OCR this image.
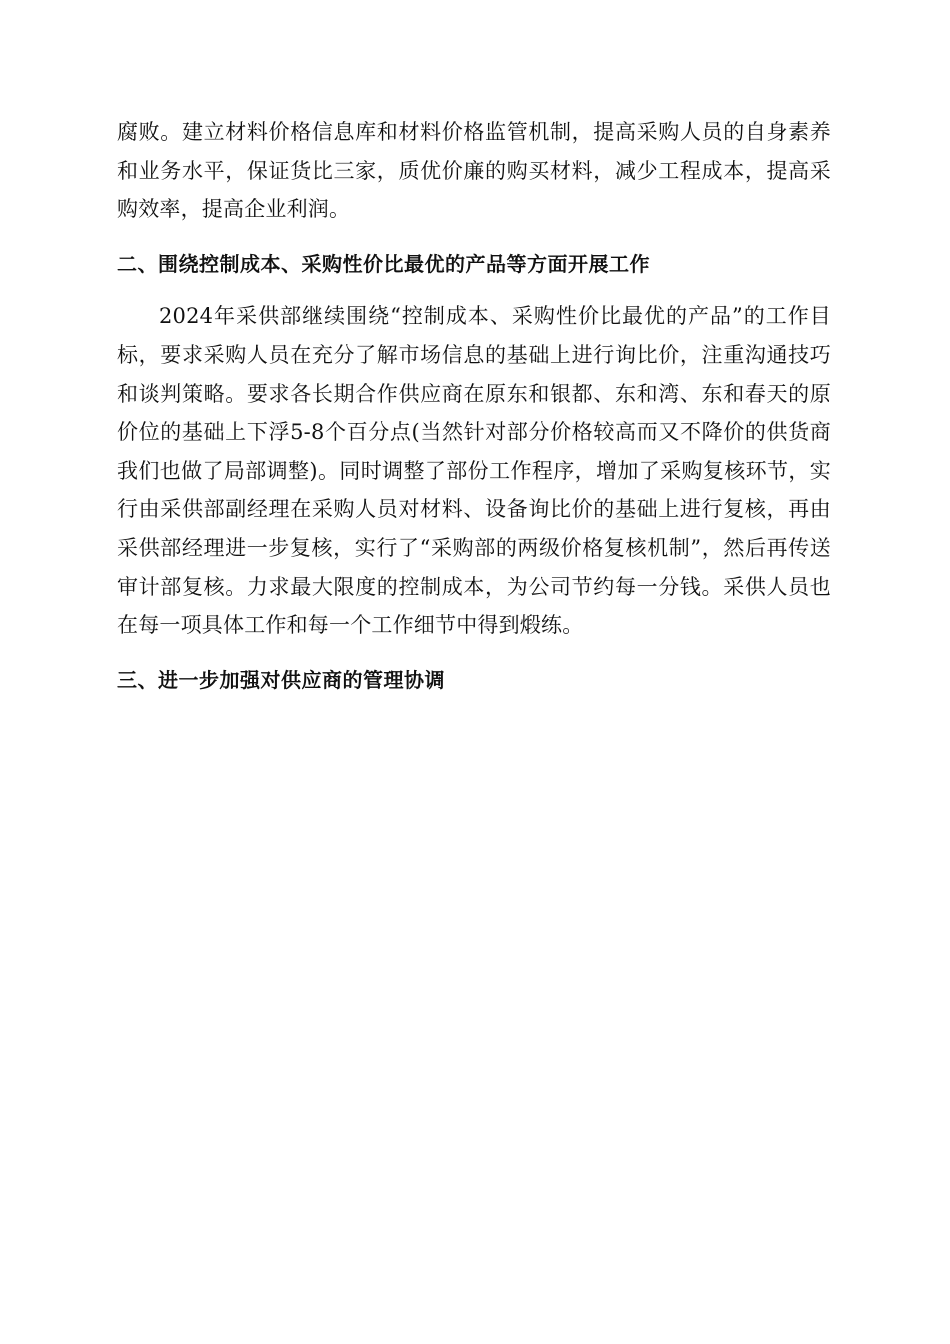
腐败。建立材料价格信息库和材料价格监管机制，提高采购人员的自身素养和业务水平，保证货比三家，质优价廉的购买材料，减少工程成本，提高采购效率，提高企业利润。

二、围绕控制成本、采购性价比最优的产品等方面开展工作

2024年采供部继续围绕“控制成本、采购性价比最优的产品”的工作目标，要求采购人员在充分了解市场信息的基础上进行询比价，注重沟通技巧和谈判策略。要求各长期合作供应商在原东和银都、东和湾、东和春天的原价位的基础上下浮5-8个百分点(当然针对部分价格较高而又不降价的供货商我们也做了局部调整)。同时调整了部份工作程序，增加了采购复核环节，实行由采供部副经理在采购人员对材料、设备询比价的基础上进行复核，再由采供部经理进一步复核，实行了“采购部的两级价格复核机制”，然后再传送审计部复核。力求最大限度的控制成本，为公司节约每一分钱。采供人员也在每一项具体工作和每一个工作细节中得到煅练。

三、进一步加强对供应商的管理协调
